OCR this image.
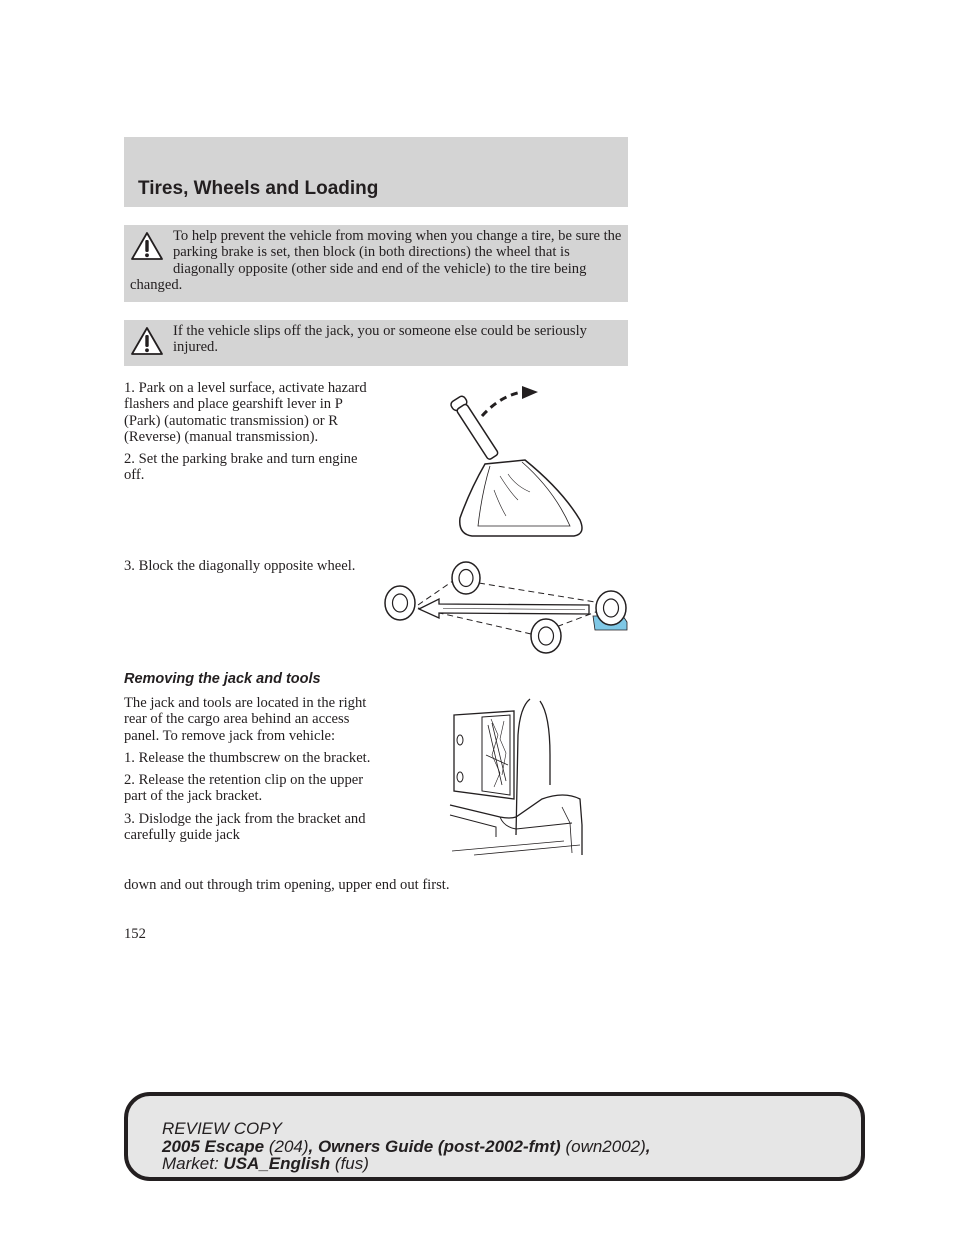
Tires, Wheels and Loading

To help prevent the vehicle from moving when you change a tire, be sure the parking brake is set, then block (in both directions) the wheel that is diagonally opposite (other side and end of the vehicle) to the tire being changed.

If the vehicle slips off the jack, you or someone else could be seriously injured.

1. Park on a level surface, activate hazard flashers and place gearshift lever in P (Park) (automatic transmission) or R (Reverse) (manual transmission).

2. Set the parking brake and turn engine off.

3. Block the diagonally opposite wheel.

Removing the jack and tools

The jack and tools are located in the right rear of the cargo area behind an access panel. To remove jack from vehicle:

1. Release the thumbscrew on the bracket.

2. Release the retention clip on the upper part of the jack bracket.

3. Dislodge the jack from the bracket and carefully guide jack

down and out through trim opening, upper end out first.

152

REVIEW COPY

2005 Escape (204), Owners Guide (post-2002-fmt) (own2002),

Market: USA_English (fus)
